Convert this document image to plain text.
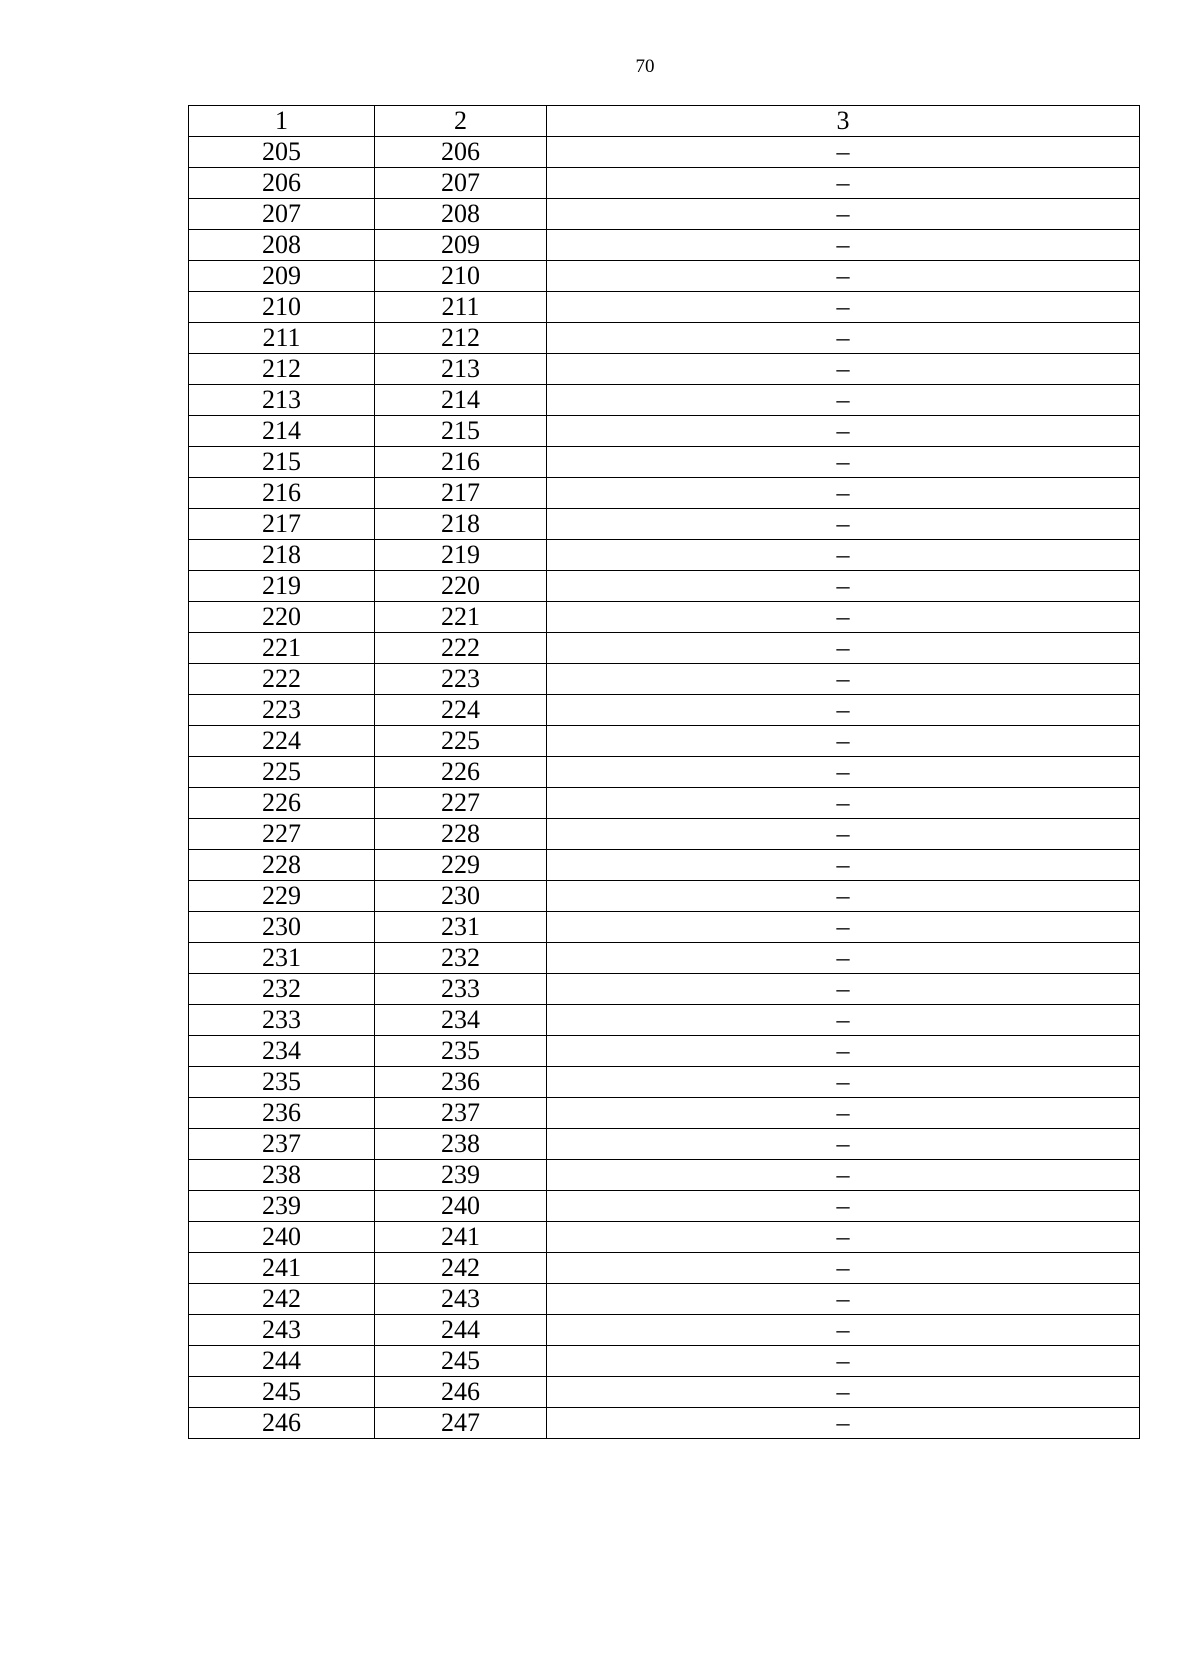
70
1	2	3
205	206	–
206	207	–
207	208	–
208	209	–
209	210	–
210	211	–
211	212	–
212	213	–
213	214	–
214	215	–
215	216	–
216	217	–
217	218	–
218	219	–
219	220	–
220	221	–
221	222	–
222	223	–
223	224	–
224	225	–
225	226	–
226	227	–
227	228	–
228	229	–
229	230	–
230	231	–
231	232	–
232	233	–
233	234	–
234	235	–
235	236	–
236	237	–
237	238	–
238	239	–
239	240	–
240	241	–
241	242	–
242	243	–
243	244	–
244	245	–
245	246	–
246	247	–
